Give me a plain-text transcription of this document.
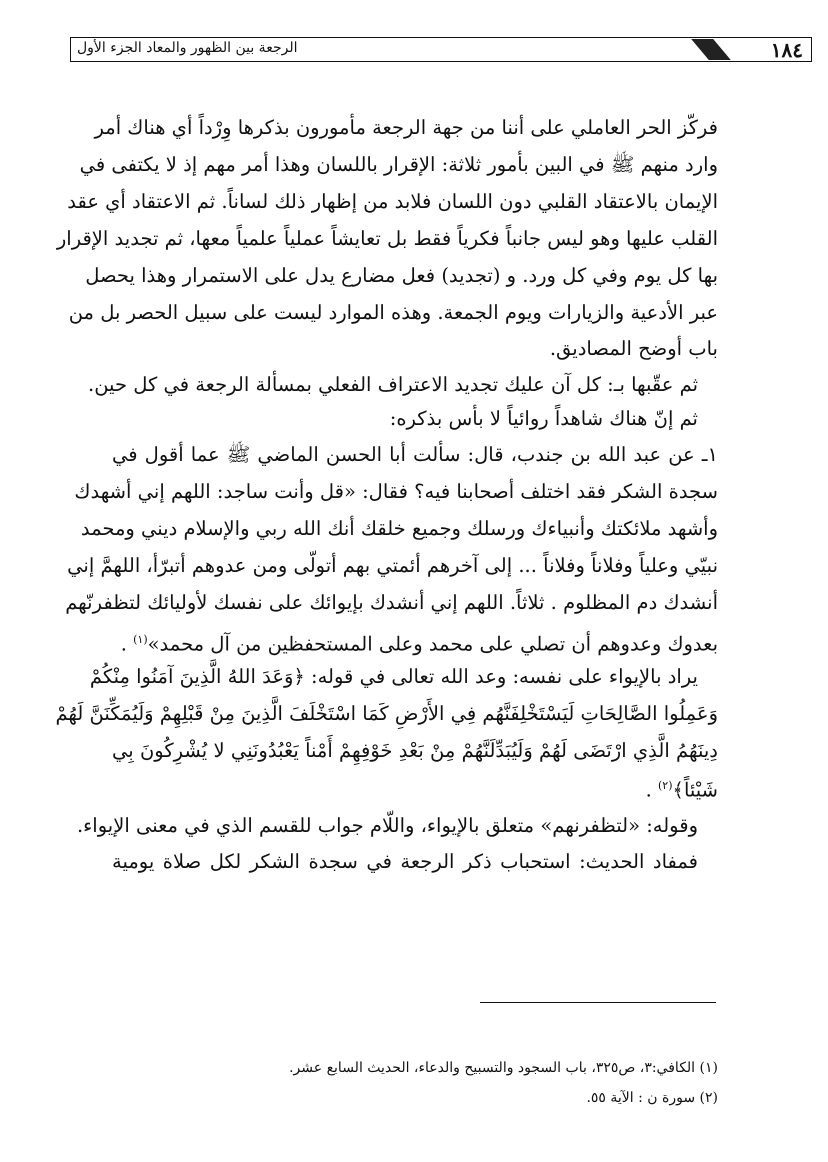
الرجعة بين الظهور والمعاد الجزء الأول	١٨٤
فركّز الحر العاملي على أننا من جهة الرجعة مأمورون بذكرها وِرْداً أي هناك أمر
وارد منهم ﷺ في البين بأمور ثلاثة: الإقرار باللسان وهذا أمر مهم إذ لا يكتفى في
الإيمان بالاعتقاد القلبي دون اللسان فلابد من إظهار ذلك لساناً. ثم الاعتقاد أي عقد
القلب عليها وهو ليس جانباً فكرياً فقط بل تعايشاً عملياً علمياً معها، ثم تجديد الإقرار
بها كل يوم وفي كل ورد. و (تجديد) فعل مضارع يدل على الاستمرار وهذا يحصل
عبر الأدعية والزيارات ويوم الجمعة. وهذه الموارد ليست على سبيل الحصر بل من
باب أوضح المصاديق.
ثم عقّبها بـ: كل آن عليك تجديد الاعتراف الفعلي بمسألة الرجعة في كل حين.
ثم إنّ هناك شاهداً روائياً لا بأس بذكره:
١ـ عن عبد الله بن جندب، قال: سألت أبا الحسن الماضي ﷺ عما أقول في
سجدة الشكر فقد اختلف أصحابنا فيه؟ فقال: «قل وأنت ساجد: اللهم إني أشهدك
وأشهد ملائكتك وأنبياءك ورسلك وجميع خلقك أنك الله ربي والإسلام ديني ومحمد
نبيّي وعلياً وفلاناً وفلاناً ... إلى آخرهم أئمتي بهم أتولّى ومن عدوهم أتبرّأ، اللهمَّ إني
أنشدك دم المظلوم . ثلاثاً. اللهم إني أنشدك بإيوائك على نفسك لأوليائك لتظفرنّهم
بعدوك وعدوهم أن تصلي على محمد وعلى المستحفظين من آل محمد»$^{(١)}$ .
يراد بالإيواء على نفسه: وعد الله تعالى في قوله: ﴿وَعَدَ اللهُ الَّذِينَ آمَنُوا مِنْكُمْ
وَعَمِلُوا الصَّالِحَاتِ لَيَسْتَخْلِفَنَّهُم فِي الأَرْضِ كَمَا اسْتَخْلَفَ الَّذِينَ مِنْ قَبْلِهِمْ وَلَيُمَكِّنَنَّ لَهُمْ
دِينَهُمُ الَّذِي ارْتَضَى لَهُمْ وَلَيُبَدِّلَنَّهُمْ مِنْ بَعْدِ خَوْفِهِمْ أَمْناً يَعْبُدُونَنِي لا يُشْرِكُونَ بِي
شَيْئاً﴾$^{(٢)}$ .
وقوله: «لتظفرنهم» متعلق بالإيواء، واللّام جواب للقسم الذي في معنى الإيواء.
فمفاد الحديث: استحباب ذكر الرجعة في سجدة الشكر لكل صلاة يومية
(١) الكافي:٣، ص٣٢٥، باب السجود والتسبيح والدعاء، الحديث السابع عشر.
(٢) سورة ن : الآية ٥٥.
